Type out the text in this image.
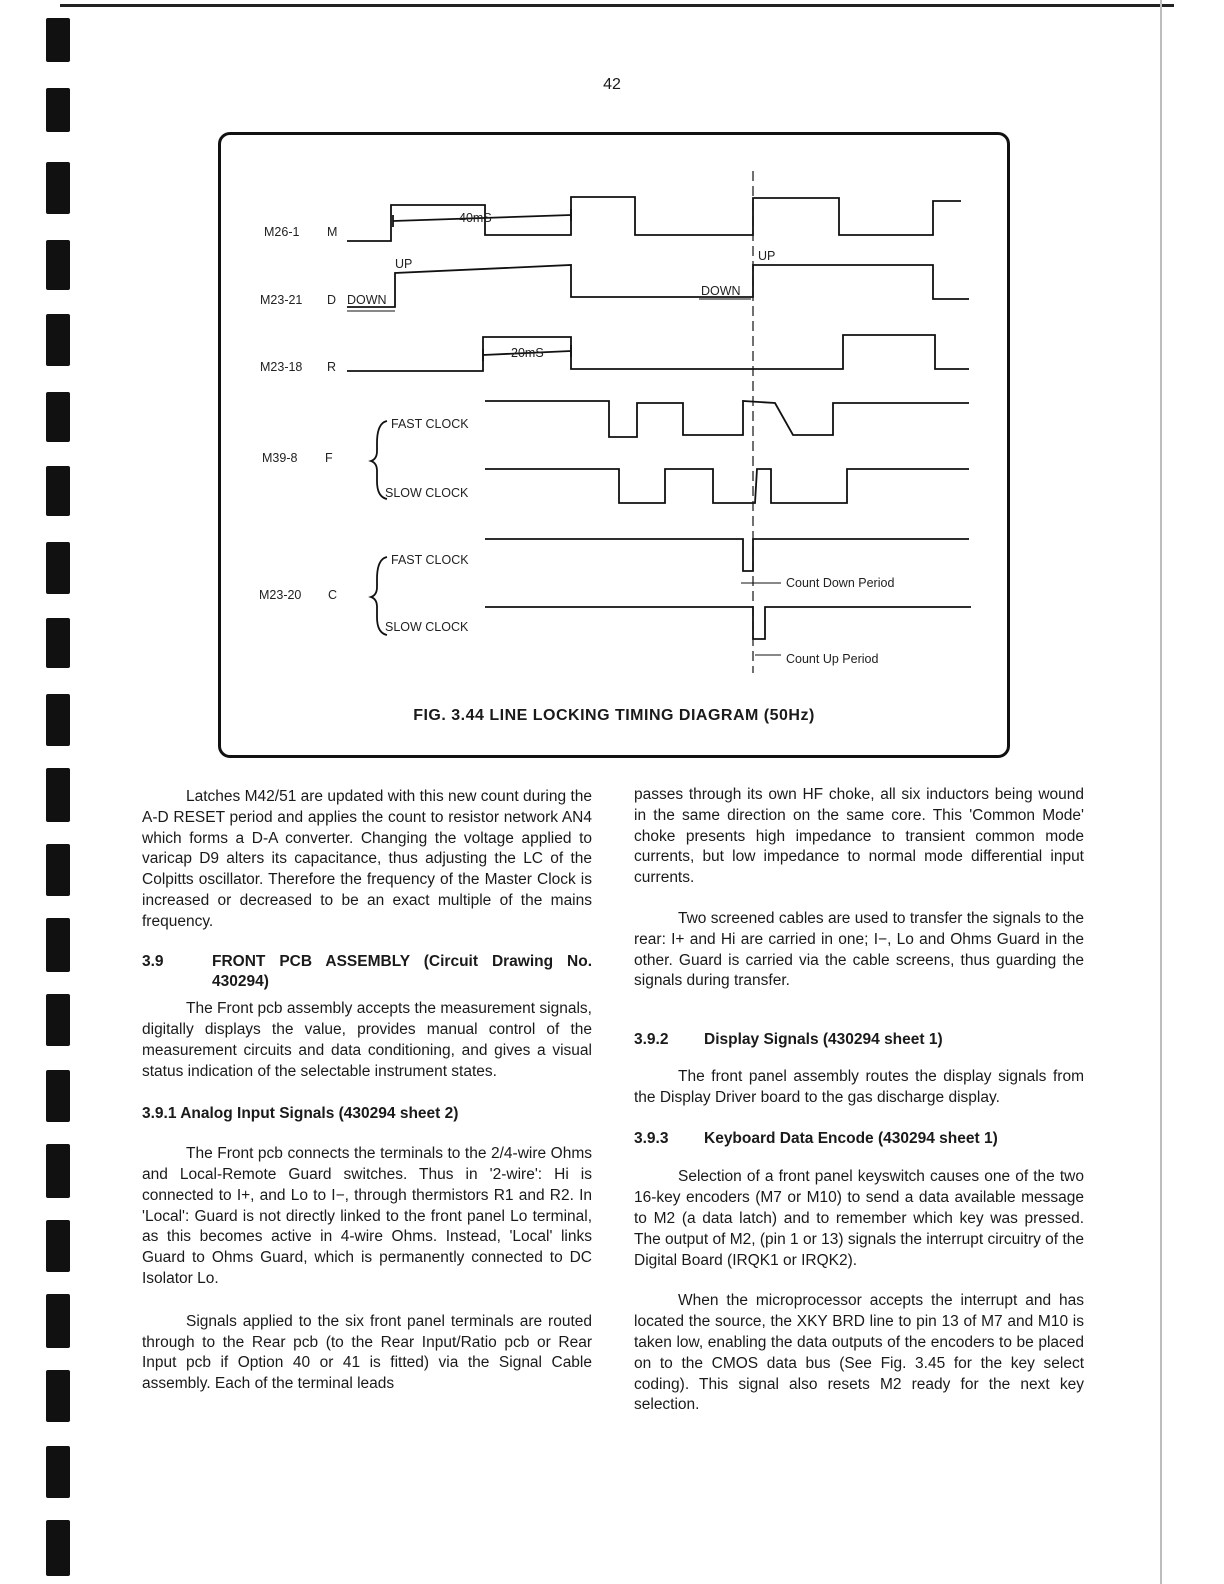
42
M26-1 M
M23-21 D
M23-18 R
M39-8 F
M23-20 C
40mS
20mS
UP
UP
DOWN
DOWN
FAST CLOCK
SLOW CLOCK
FAST CLOCK
SLOW CLOCK
Count Down Period
Count Up Period
FIG. 3.44 LINE LOCKING TIMING DIAGRAM (50Hz)

Latches M42/51 are updated with this new count during the A-D RESET period and applies the count to resistor network AN4 which forms a D-A converter. Changing the voltage applied to varicap D9 alters its capacitance, thus adjusting the LC of the Colpitts oscillator. Therefore the frequency of the Master Clock is increased or decreased to be an exact multiple of the mains frequency.

3.9	FRONT PCB ASSEMBLY (Circuit Drawing No. 430294)

The Front pcb assembly accepts the measurement signals, digitally displays the value, provides manual control of the measurement circuits and data conditioning, and gives a visual status indication of the selectable instrument states.

3.9.1 Analog Input Signals (430294 sheet 2)

The Front pcb connects the terminals to the 2/4-wire Ohms and Local-Remote Guard switches. Thus in '2-wire': Hi is connected to I+, and Lo to I−, through thermistors R1 and R2. In 'Local': Guard is not directly linked to the front panel Lo terminal, as this becomes active in 4-wire Ohms. Instead, 'Local' links Guard to Ohms Guard, which is permanently connected to DC Isolator Lo.

Signals applied to the six front panel terminals are routed through to the Rear pcb (to the Rear Input/Ratio pcb or Rear Input pcb if Option 40 or 41 is fitted) via the Signal Cable assembly. Each of the terminal leads

passes through its own HF choke, all six inductors being wound in the same direction on the same core. This 'Common Mode' choke presents high impedance to transient common mode currents, but low impedance to normal mode differential input currents.

Two screened cables are used to transfer the signals to the rear: I+ and Hi are carried in one; I−, Lo and Ohms Guard in the other. Guard is carried via the cable screens, thus guarding the signals during transfer.

3.9.2	Display Signals (430294 sheet 1)

The front panel assembly routes the display signals from the Display Driver board to the gas discharge display.

3.9.3	Keyboard Data Encode (430294 sheet 1)

Selection of a front panel keyswitch causes one of the two 16-key encoders (M7 or M10) to send a data available message to M2 (a data latch) and to remember which key was pressed. The output of M2, (pin 1 or 13) signals the interrupt circuitry of the Digital Board (IRQK1 or IRQK2).

When the microprocessor accepts the interrupt and has located the source, the XKY BRD line to pin 13 of M7 and M10 is taken low, enabling the data outputs of the encoders to be placed on to the CMOS data bus (See Fig. 3.45 for the key select coding). This signal also resets M2 ready for the next key selection.
